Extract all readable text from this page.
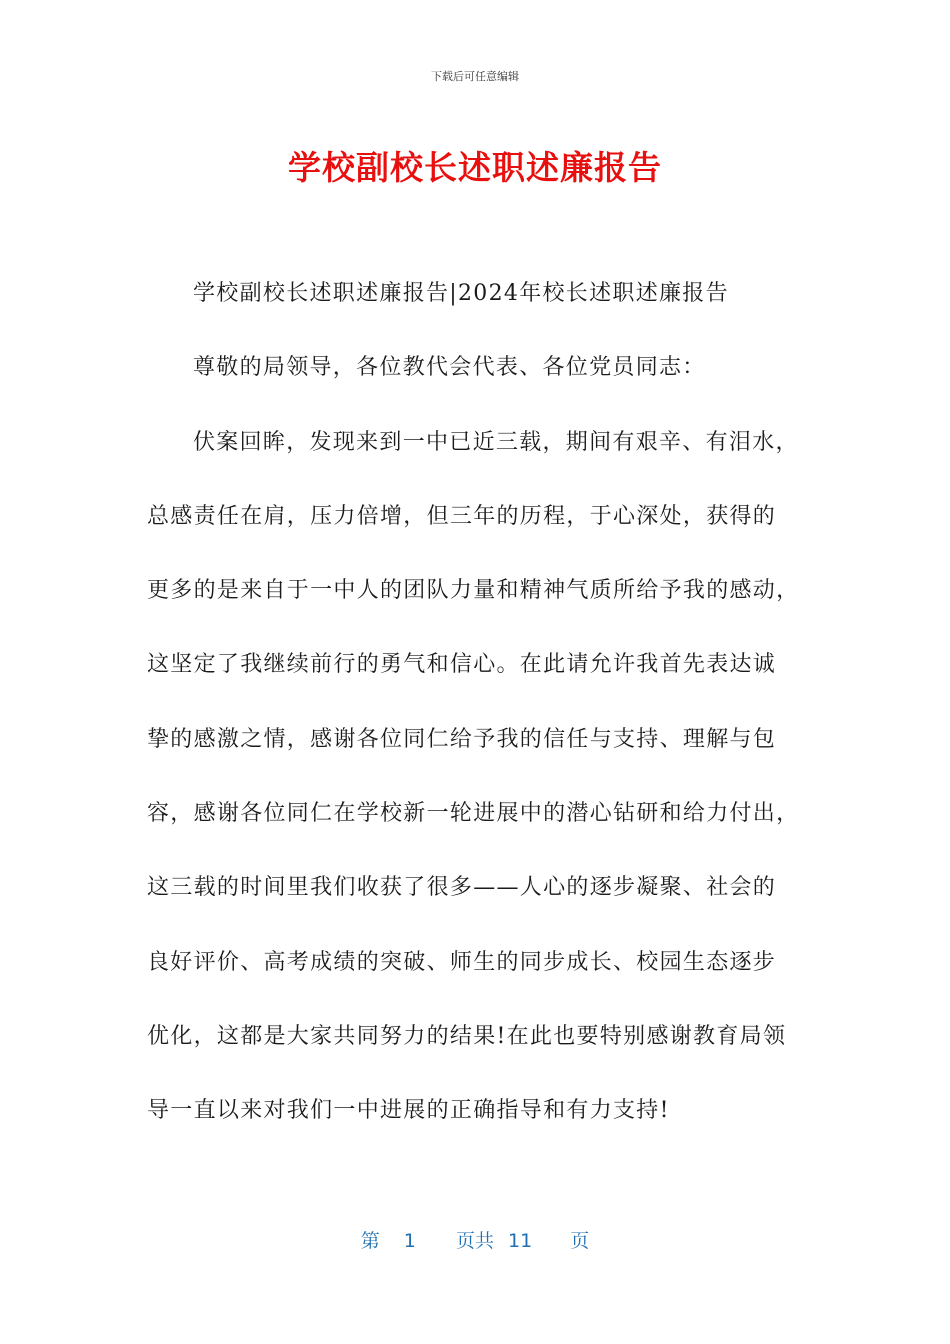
下载后可任意编辑
学校副校长述职述廉报告
学校副校长述职述廉报告|2024年校长述职述廉报告
尊敬的局领导，各位教代会代表、各位党员同志：
伏案回眸，发现来到一中已近三载，期间有艰辛、有泪水，
总感责任在肩，压力倍增，但三年的历程，于心深处，获得的
更多的是来自于一中人的团队力量和精神气质所给予我的感动，
这坚定了我继续前行的勇气和信心。在此请允许我首先表达诚
挚的感激之情，感谢各位同仁给予我的信任与支持、理解与包
容，感谢各位同仁在学校新一轮进展中的潜心钻研和给力付出，
这三载的时间里我们收获了很多——人心的逐步凝聚、社会的
良好评价、高考成绩的突破、师生的同步成长、校园生态逐步
优化，这都是大家共同努力的结果!在此也要特别感谢教育局领
导一直以来对我们一中进展的正确指导和有力支持!
第 1 页共 11 页
